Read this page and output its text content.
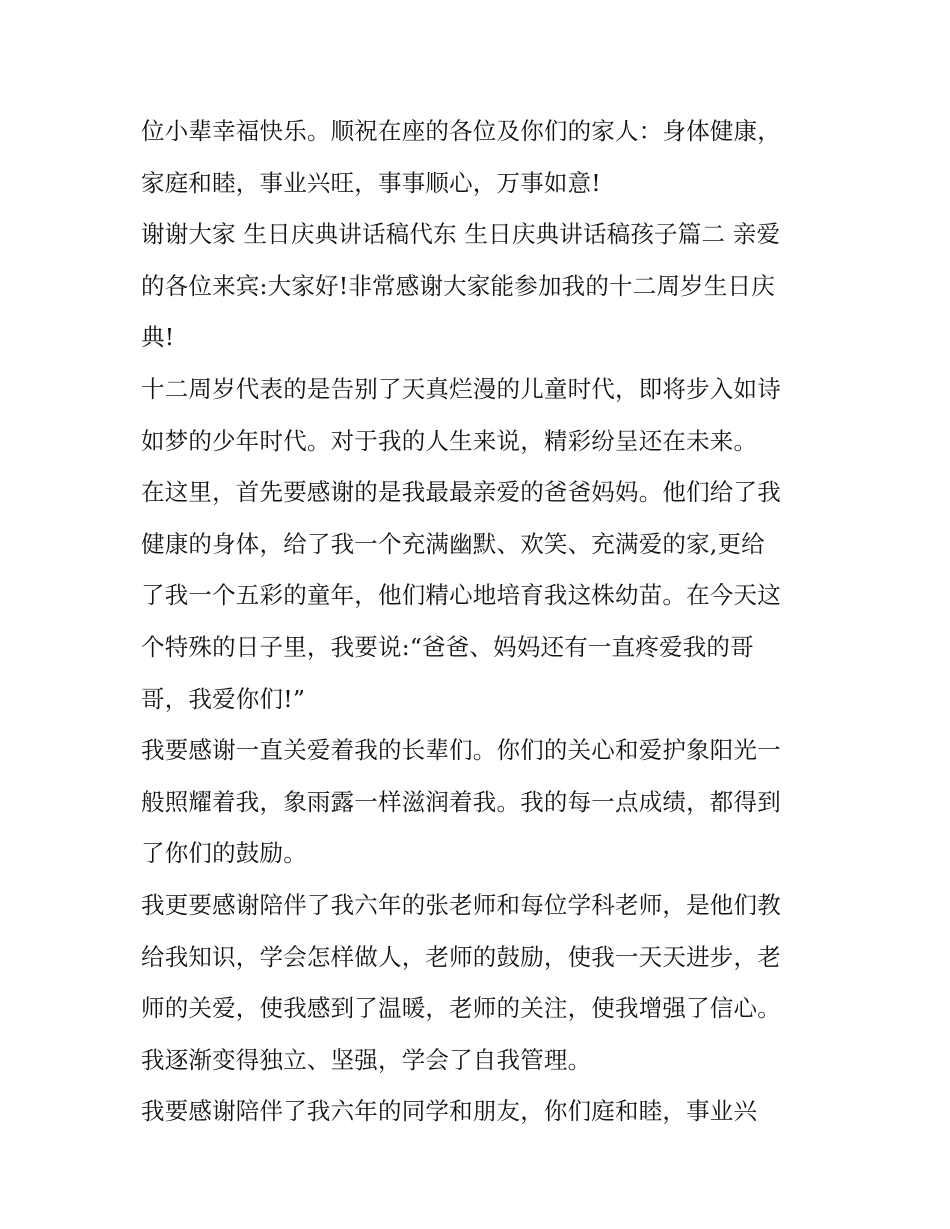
位小辈幸福快乐。顺祝在座的各位及你们的家人：身体健康，
家庭和睦，事业兴旺，事事顺心，万事如意!
谢谢大家 生日庆典讲话稿代东 生日庆典讲话稿孩子篇二 亲爱
的各位来宾:大家好!非常感谢大家能参加我的十二周岁生日庆
典!
十二周岁代表的是告别了天真烂漫的儿童时代，即将步入如诗
如梦的少年时代。对于我的人生来说，精彩纷呈还在未来。
在这里，首先要感谢的是我最最亲爱的爸爸妈妈。他们给了我
健康的身体，给了我一个充满幽默、欢笑、充满爱的家,更给
了我一个五彩的童年，他们精心地培育我这株幼苗。在今天这
个特殊的日子里，我要说:“爸爸、妈妈还有一直疼爱我的哥
哥，我爱你们!”
我要感谢一直关爱着我的长辈们。你们的关心和爱护象阳光一
般照耀着我，象雨露一样滋润着我。我的每一点成绩，都得到
了你们的鼓励。
我更要感谢陪伴了我六年的张老师和每位学科老师，是他们教
给我知识，学会怎样做人，老师的鼓励，使我一天天进步，老
师的关爱，使我感到了温暖，老师的关注，使我增强了信心。
我逐渐变得独立、坚强，学会了自我管理。
我要感谢陪伴了我六年的同学和朋友，你们庭和睦，事业兴
